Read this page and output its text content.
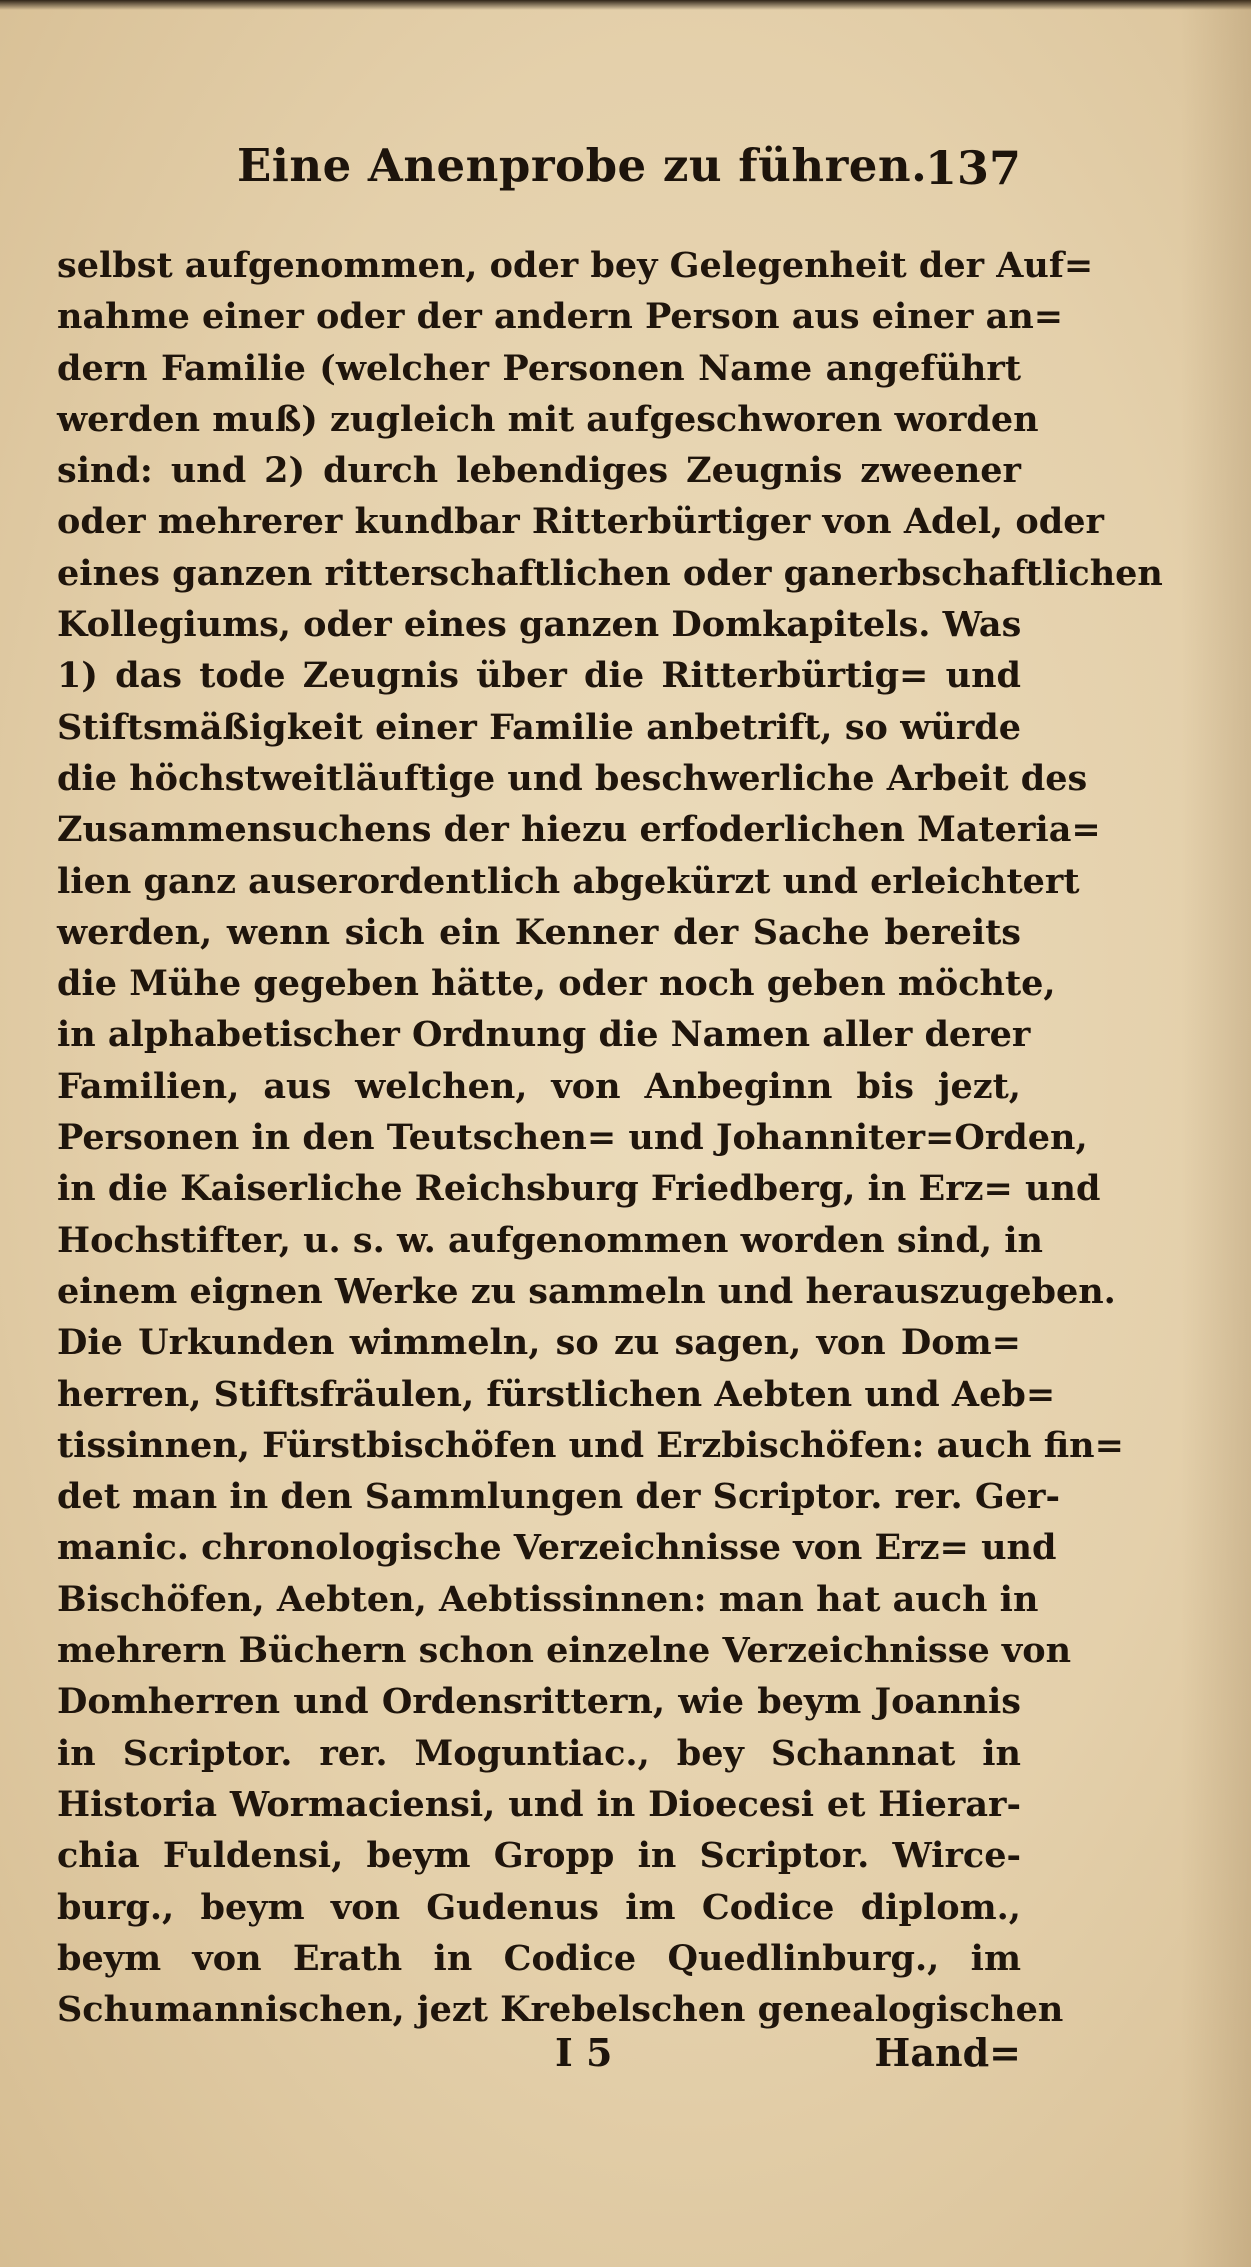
Eine Anenprobe zu führen.
137
selbst aufgenommen, oder bey Gelegenheit der Auf=
nahme einer oder der andern Person aus einer an=
dern Familie (welcher Personen Name angeführt
werden muß) zugleich mit aufgeschworen worden
sind: und 2) durch lebendiges Zeugnis zweener
oder mehrerer kundbar Ritterbürtiger von Adel, oder
eines ganzen ritterschaftlichen oder ganerbschaftlichen
Kollegiums, oder eines ganzen Domkapitels. Was
1) das tode Zeugnis über die Ritterbürtig= und
Stiftsmäßigkeit einer Familie anbetrift, so würde
die höchstweitläuftige und beschwerliche Arbeit des
Zusammensuchens der hiezu erfoderlichen Materia=
lien ganz auserordentlich abgekürzt und erleichtert
werden, wenn sich ein Kenner der Sache bereits
die Mühe gegeben hätte, oder noch geben möchte,
in alphabetischer Ordnung die Namen aller derer
Familien, aus welchen, von Anbeginn bis jezt,
Personen in den Teutschen= und Johanniter=Orden,
in die Kaiserliche Reichsburg Friedberg, in Erz= und
Hochstifter, u. s. w. aufgenommen worden sind, in
einem eignen Werke zu sammeln und herauszugeben.
Die Urkunden wimmeln, so zu sagen, von Dom=
herren, Stiftsfräulen, fürstlichen Aebten und Aeb=
tissinnen, Fürstbischöfen und Erzbischöfen: auch fin=
det man in den Sammlungen der Scriptor. rer. Ger-
manic. chronologische Verzeichnisse von Erz= und
Bischöfen, Aebten, Aebtissinnen: man hat auch in
mehrern Büchern schon einzelne Verzeichnisse von
Domherren und Ordensrittern, wie beym Joannis
in Scriptor. rer. Moguntiac., bey Schannat in
Historia Wormaciensi, und in Dioecesi et Hierar-
chia Fuldensi, beym Gropp in Scriptor. Wirce-
burg., beym von Gudenus im Codice diplom.,
beym von Erath in Codice Quedlinburg., im
Schumannischen, jezt Krebelschen genealogischen
I 5	Hand=
